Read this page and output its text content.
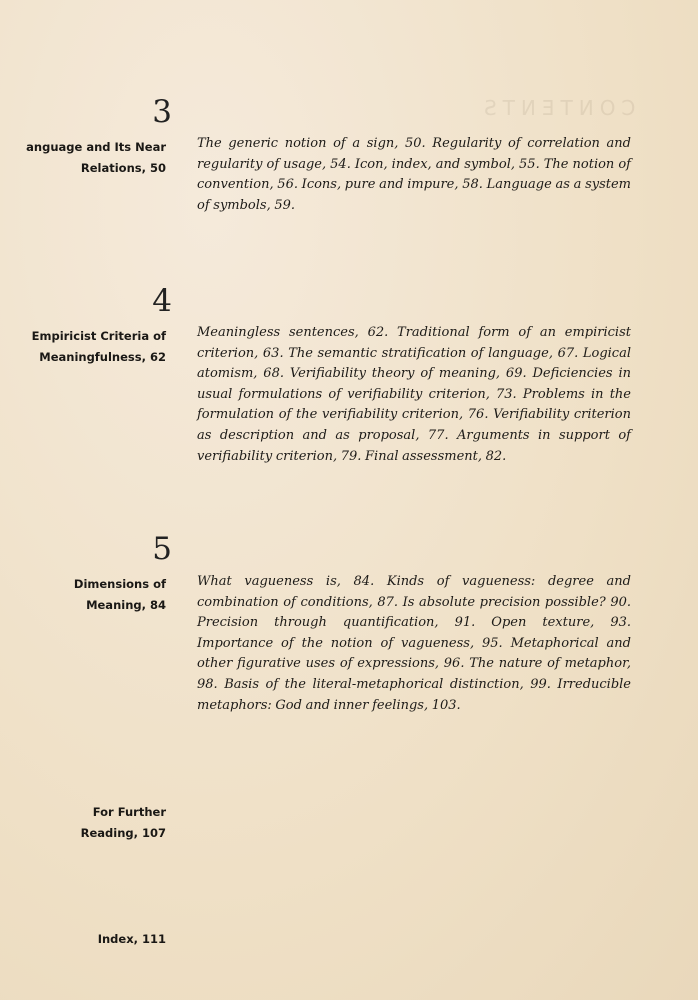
CONTENTS
3
anguage and Its Near
Relations, 50
The generic notion of a sign, 50. Regularity of correlation and regularity of usage, 54. Icon, index, and symbol, 55. The notion of convention, 56. Icons, pure and impure, 58. Language as a system of symbols, 59.
4
Empiricist Criteria of
Meaningfulness, 62
Meaningless sentences, 62. Traditional form of an empiricist criterion, 63. The semantic stratification of language, 67. Logical atomism, 68. Verifiability theory of meaning, 69. Deficiencies in usual formulations of verifiability criterion, 73. Problems in the formulation of the verifiability criterion, 76. Verifiability criterion as description and as proposal, 77. Arguments in support of verifiability criterion, 79. Final assessment, 82.
5
Dimensions of
Meaning, 84
What vagueness is, 84. Kinds of vagueness: degree and combination of conditions, 87. Is absolute precision possible? 90. Precision through quantification, 91. Open texture, 93. Importance of the notion of vagueness, 95. Metaphorical and other figurative uses of expressions, 96. The nature of metaphor, 98. Basis of the literal-metaphorical distinction, 99. Irreducible metaphors: God and inner feelings, 103.
For Further
Reading, 107
Index, 111
